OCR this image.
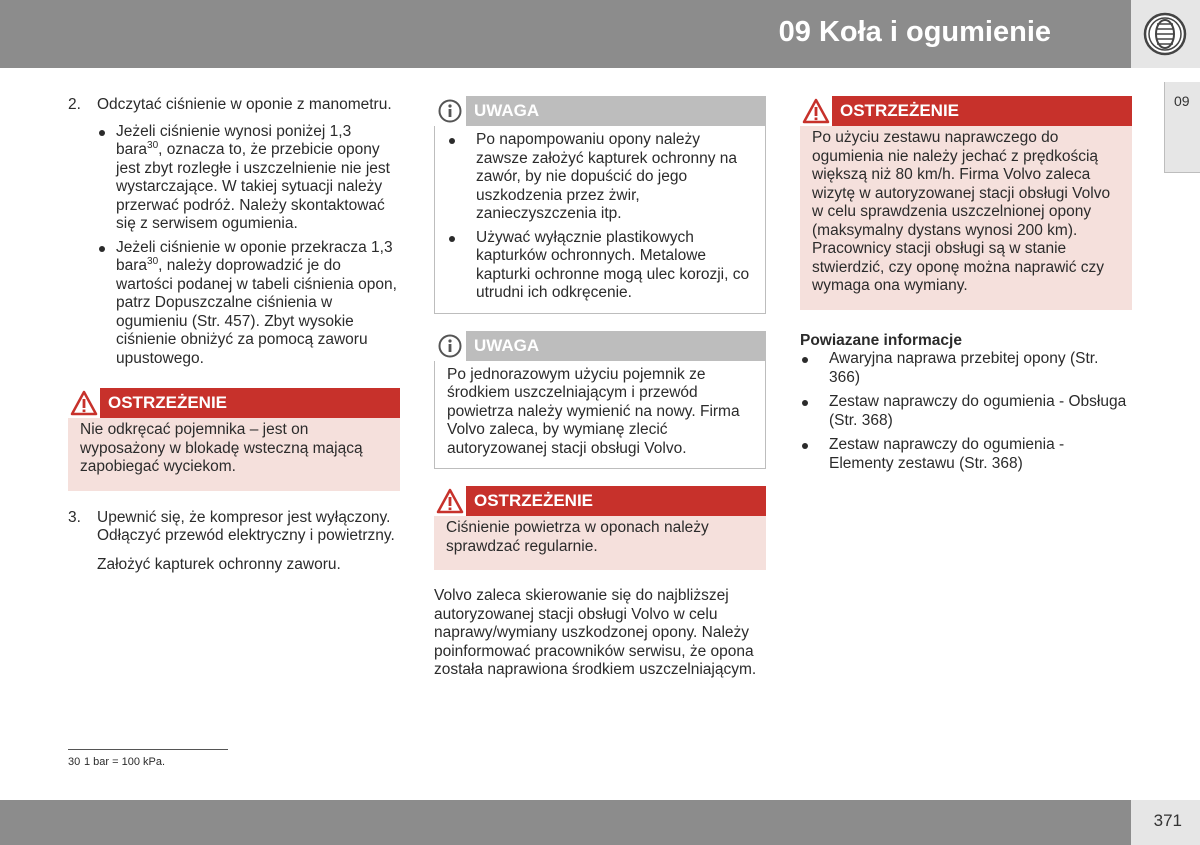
09 Koła i ogumienie
09
2. Odczytać ciśnienie w oponie z manometru.

Jeżeli ciśnienie wynosi poniżej 1,3 bara$^{30}$, oznacza to, że przebicie opony jest zbyt rozległe i uszczelnienie nie jest wystarczające. W takiej sytuacji należy przerwać podróż. Należy skontaktować się z serwisem ogumienia.
Jeżeli ciśnienie w oponie przekracza 1,3 bara$^{30}$, należy doprowadzić je do wartości podanej w tabeli ciśnienia opon, patrz Dopuszczalne ciśnienia w ogumieniu (Str. 457). Zbyt wysokie ciśnienie obniżyć za pomocą zaworu upustowego.
OSTRZEŻENIE

Nie odkręcać pojemnika – jest on wyposażony w blokadę wsteczną mającą zapobiegać wyciekom.

3. Upewnić się, że kompresor jest wyłączony. Odłączyć przewód elektryczny i powietrzny.

Założyć kapturek ochronny zaworu.

UWAGA
Po napompowaniu opony należy zawsze założyć kapturek ochronny na zawór, by nie dopuścić do jego uszkodzenia przez żwir, zanieczyszczenia itp.
Używać wyłącznie plastikowych kapturków ochronnych. Metalowe kapturki ochronne mogą ulec korozji, co utrudni ich odkręcenie.
UWAGA

Po jednorazowym użyciu pojemnik ze środkiem uszczelniającym i przewód powietrza należy wymienić na nowy. Firma Volvo zaleca, by wymianę zlecić autoryzowanej stacji obsługi Volvo.

OSTRZEŻENIE

Ciśnienie powietrza w oponach należy sprawdzać regularnie.

Volvo zaleca skierowanie się do najbliższej autoryzowanej stacji obsługi Volvo w celu naprawy/wymiany uszkodzonej opony. Należy poinformować pracowników serwisu, że opona została naprawiona środkiem uszczelniającym.

OSTRZEŻENIE

Po użyciu zestawu naprawczego do ogumienia nie należy jechać z prędkością większą niż 80 km/h. Firma Volvo zaleca wizytę w autoryzowanej stacji obsługi Volvo w celu sprawdzenia uszczelnionej opony (maksymalny dystans wynosi 200 km). Pracownicy stacji obsługi są w stanie stwierdzić, czy oponę można naprawić czy wymaga ona wymiany.

Powiazane informacje

Awaryjna naprawa przebitej opony (Str. 366)
Zestaw naprawczy do ogumienia - Obsługa (Str. 368)
Zestaw naprawczy do ogumienia - Elementy zestawu (Str. 368)
30 1 bar = 100 kPa.
371
